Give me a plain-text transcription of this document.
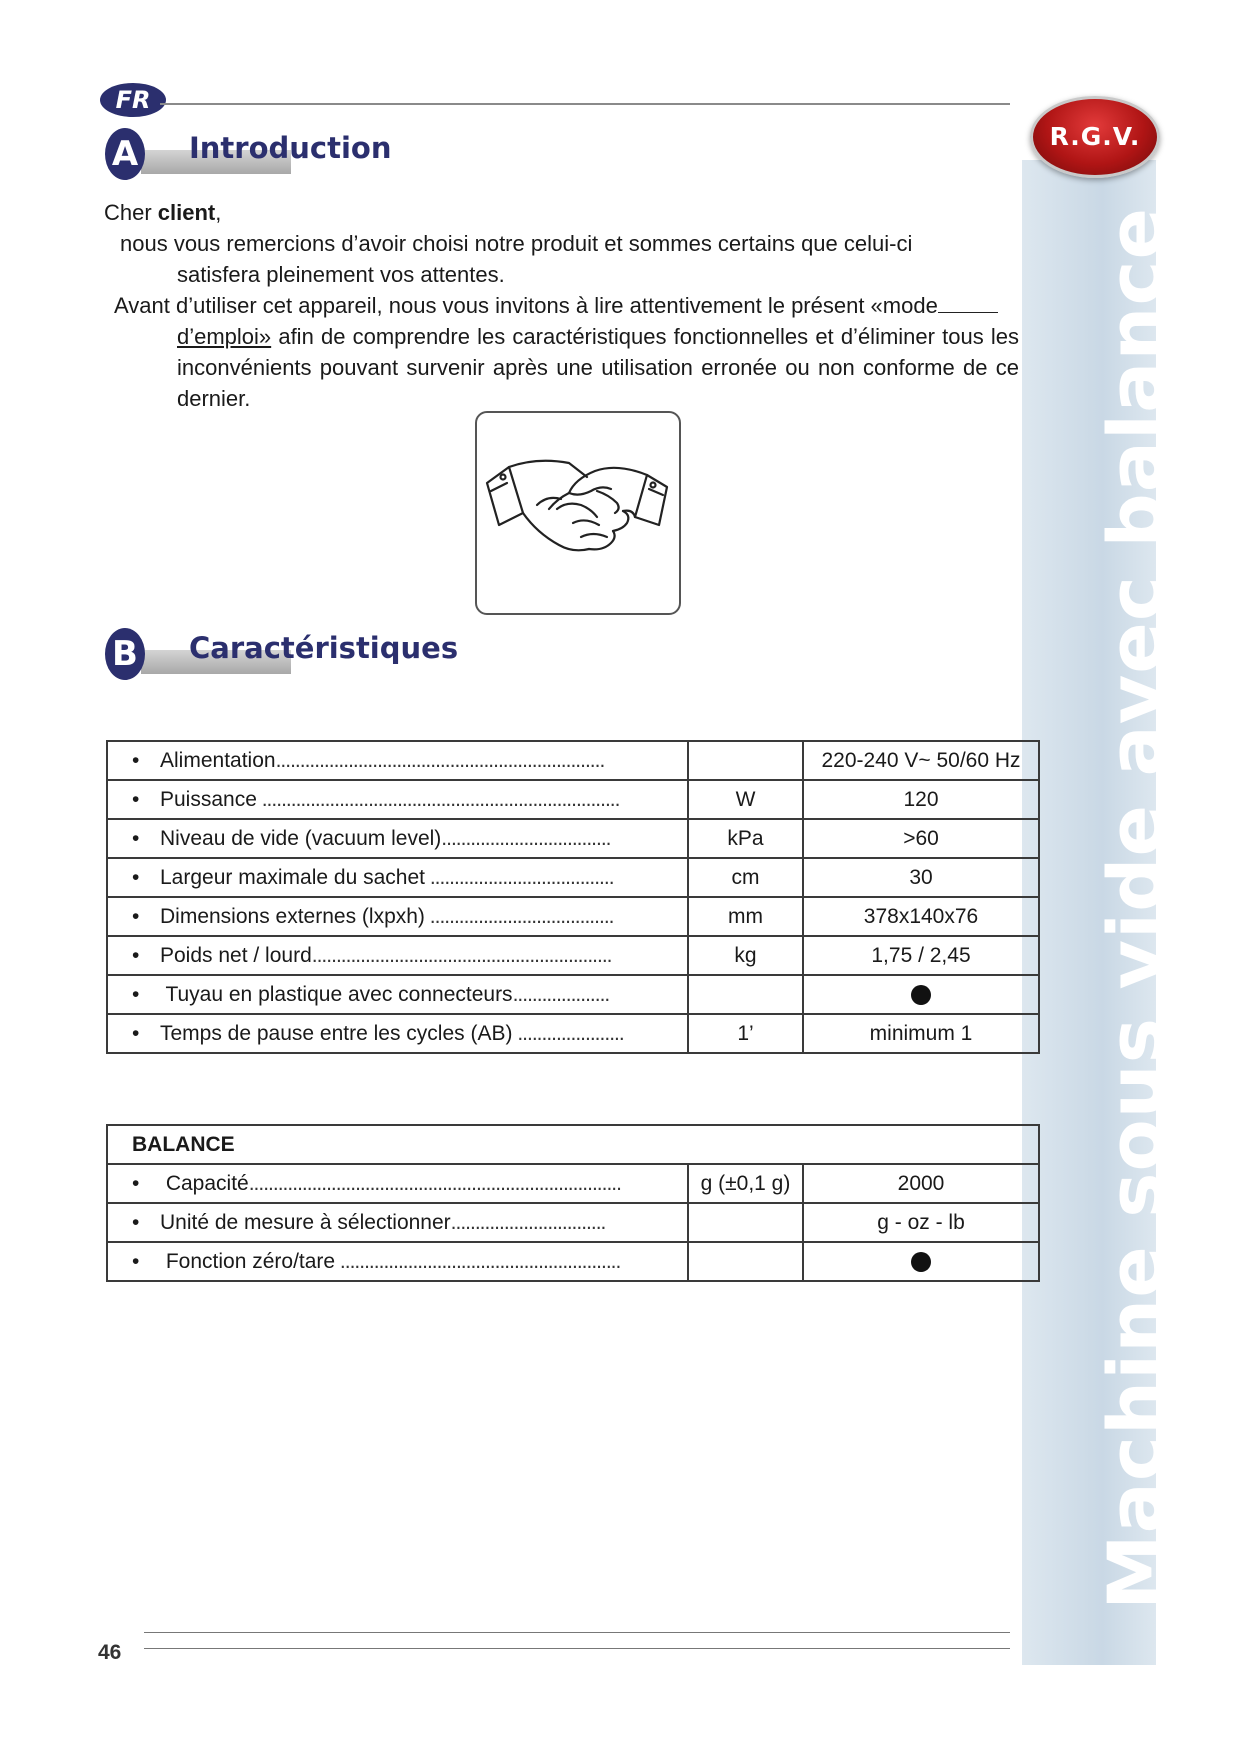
Machine sous vide avec balance
FR
R.G.V.
A Introduction

Cher client,

nous vous remercions d’avoir choisi notre produit et sommes certains que celui-ci

satisfera pleinement vos attentes.

Avant d’utiliser cet appareil, nous vous invitons à lire attentivement le présent «mode

d’emploi» afin de comprendre les caractéristiques fonctionnelles et d’éliminer tous les inconvénients pouvant survenir après une utilisation erronée ou non conforme de ce dernier.

B Caractéristiques
• Alimentation....................................................................		220-240 V~ 50/60 Hz
• Puissance ..........................................................................	W	120
• Niveau de vide (vacuum level)...................................	kPa	>60
• Largeur maximale du sachet ......................................	cm	30
• Dimensions externes (lxpxh) ......................................	mm	378x140x76
• Poids net / lourd..............................................................	kg	1,75 / 2,45
• Tuyau en plastique avec connecteurs....................		
• Temps de pause entre les cycles (AB) ......................	1’	minimum 1
BALANCE		
• Capacité.............................................................................	g (±0,1 g)	2000
• Unité de mesure à sélectionner................................		g - oz - lb
• Fonction zéro/tare ..........................................................		
46
